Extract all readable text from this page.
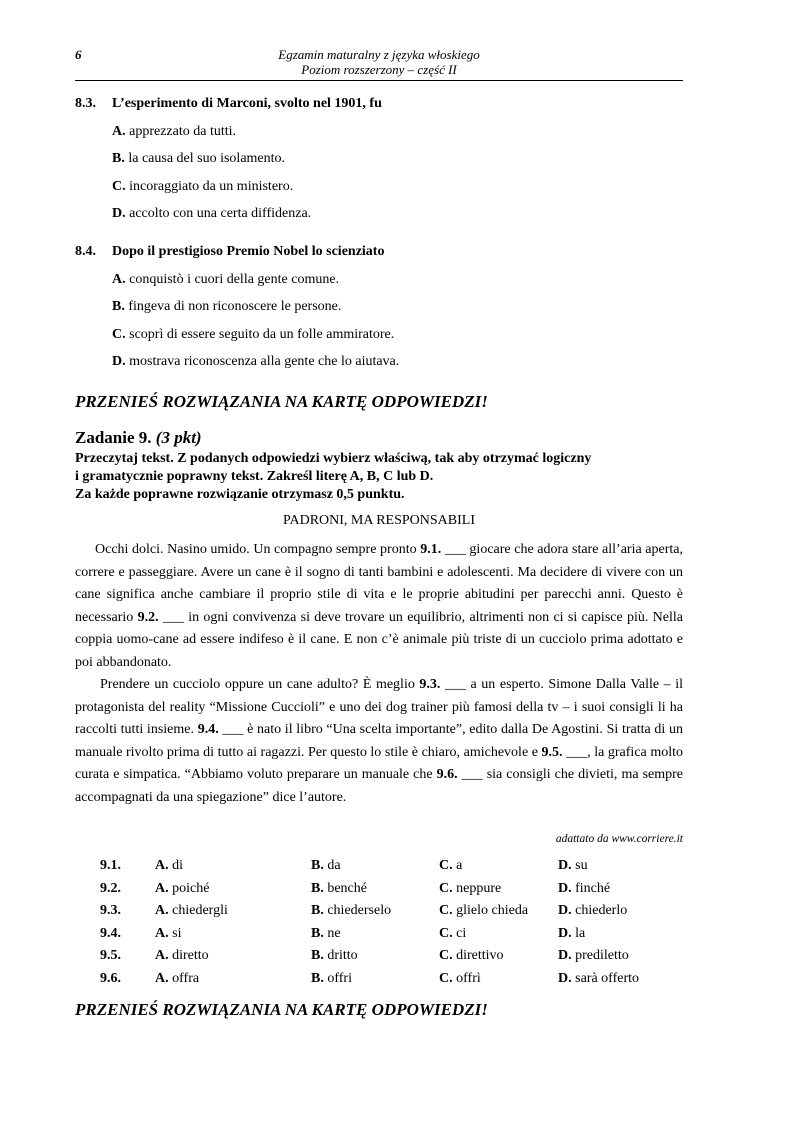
6	Egzamin maturalny z języka włoskiego
Poziom rozszerzony – część II
8.3. L’esperimento di Marconi, svolto nel 1901, fu
A. apprezzato da tutti.
B. la causa del suo isolamento.
C. incoraggiato da un ministero.
D. accolto con una certa diffidenza.
8.4. Dopo il prestigioso Premio Nobel lo scienziato
A. conquistò i cuori della gente comune.
B. fingeva di non riconoscere le persone.
C. scoprì di essere seguito da un folle ammiratore.
D. mostrava riconoscenza alla gente che lo aiutava.
PRZENIEŚ ROZWIĄZANIA NA KARTĘ ODPOWIEDZI!
Zadanie 9. (3 pkt)
Przeczytaj tekst. Z podanych odpowiedzi wybierz właściwą, tak aby otrzymać logiczny
i gramatycznie poprawny tekst. Zakreśl literę A, B, C lub D.
Za każde poprawne rozwiązanie otrzymasz 0,5 punktu.
PADRONI, MA RESPONSABILI
Occhi dolci. Nasino umido. Un compagno sempre pronto 9.1. ___ giocare che adora stare all’aria aperta, correre e passeggiare. Avere un cane è il sogno di tanti bambini e adolescenti. Ma decidere di vivere con un cane significa anche cambiare il proprio stile di vita e le proprie abitudini per parecchi anni. Questo è necessario 9.2. ___ in ogni convivenza si deve trovare un equilibrio, altrimenti non ci si capisce più. Nella coppia uomo-cane ad essere indifeso è il cane. E non c’è animale più triste di un cucciolo prima adottato e poi abbandonato.
Prendere un cucciolo oppure un cane adulto? È meglio 9.3. ___ a un esperto. Simone Dalla Valle – il protagonista del reality “Missione Cuccioli” e uno dei dog trainer più famosi della tv – i suoi consigli li ha raccolti tutti insieme. 9.4. ___ è nato il libro “Una scelta importante”, edito dalla De Agostini. Si tratta di un manuale rivolto prima di tutto ai ragazzi. Per questo lo stile è chiaro, amichevole e 9.5. ___, la grafica molto curata e simpatica. “Abbiamo voluto preparare un manuale che 9.6. ___ sia consigli che divieti, ma sempre accompagnati da una spiegazione” dice l’autore.
adattato da www.corriere.it
9.1.	A. di	B. da	C. a	D. su
9.2.	A. poiché	B. benché	C. neppure	D. finché
9.3.	A. chiedergli	B. chiederselo	C. glielo chieda	D. chiederlo
9.4.	A. si	B. ne	C. ci	D. la
9.5.	A. diretto	B. dritto	C. direttivo	D. prediletto
9.6.	A. offra	B. offri	C. offrì	D. sarà offerto
PRZENIEŚ ROZWIĄZANIA NA KARTĘ ODPOWIEDZI!
